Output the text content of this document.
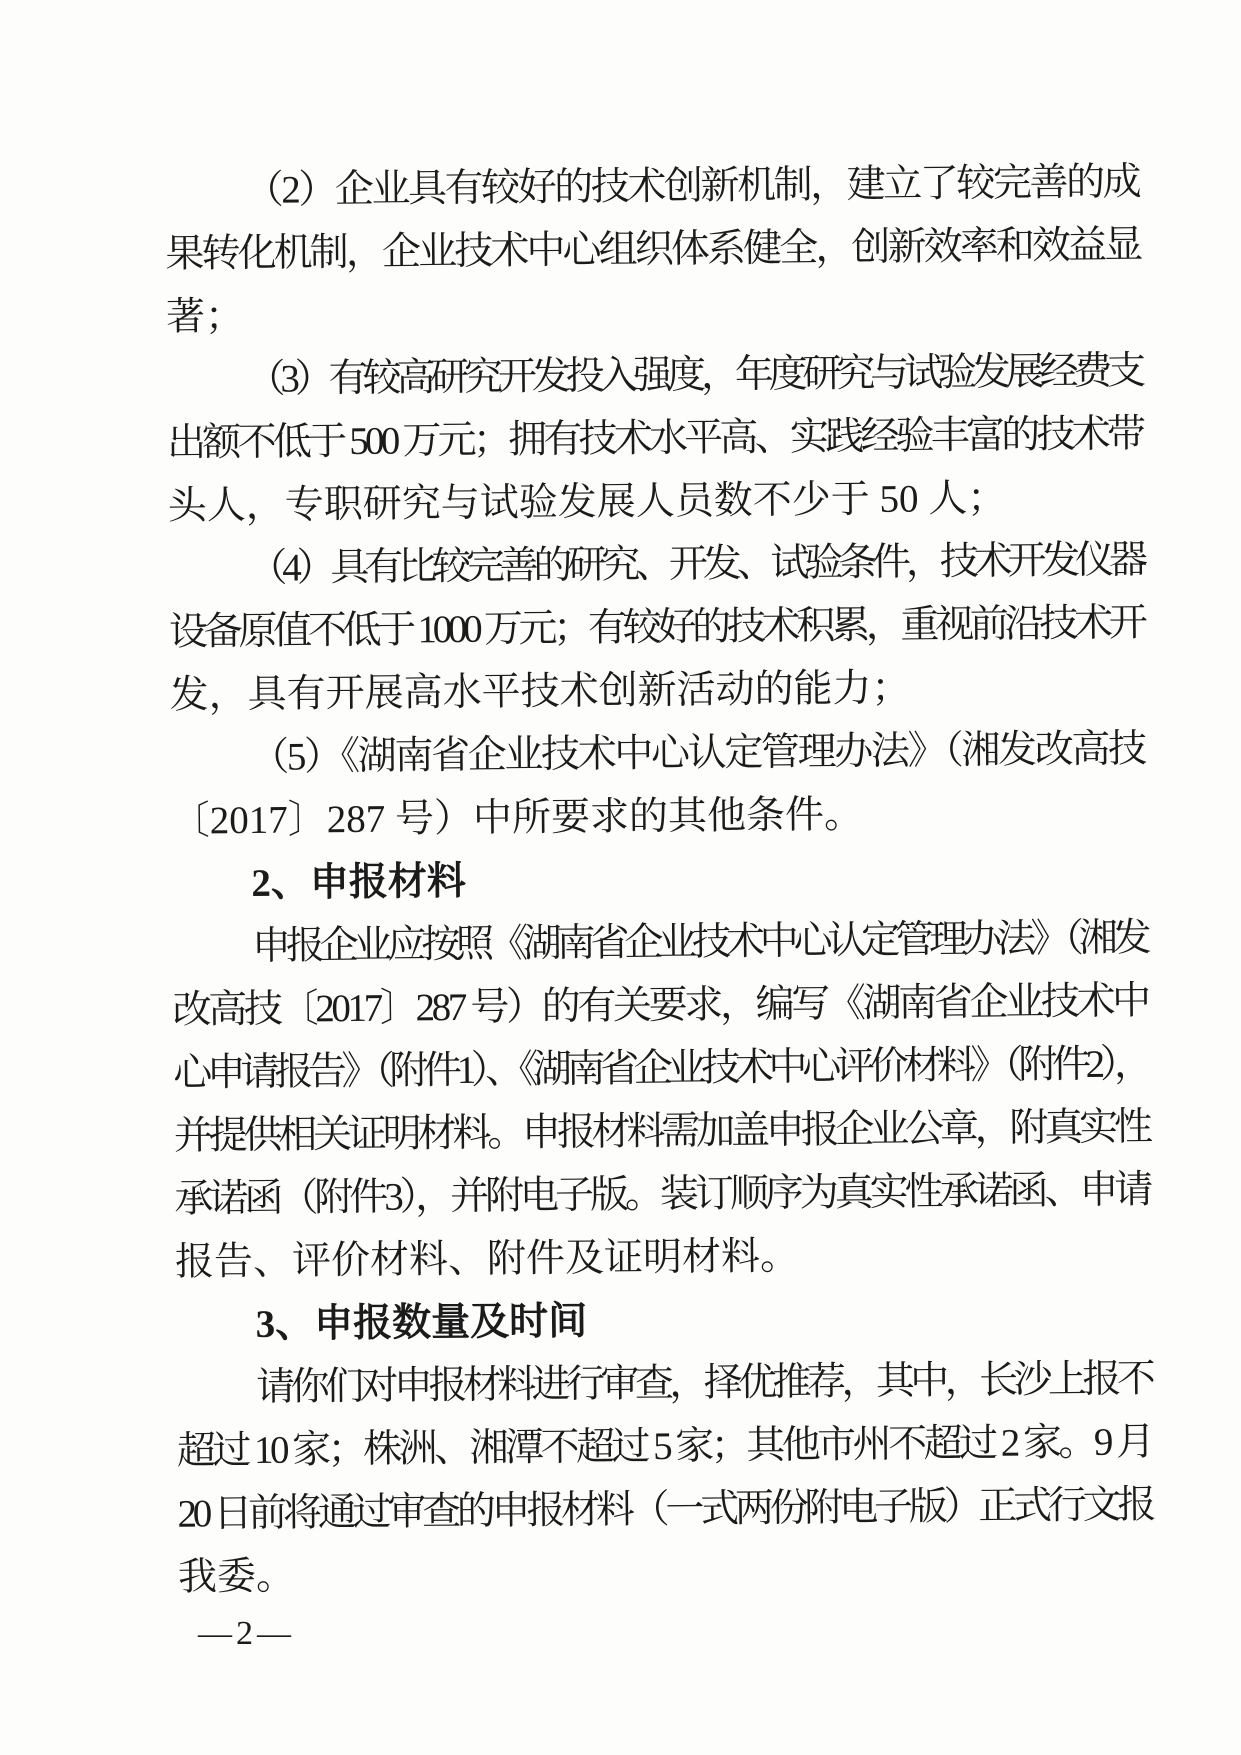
（2）企业具有较好的技术创新机制，建立了较完善的成
果转化机制，企业技术中心组织体系健全，创新效率和效益显
著；
（3）有较高研究开发投入强度，年度研究与试验发展经费支
出额不低于 500 万元；拥有技术水平高、实践经验丰富的技术带
头人，专职研究与试验发展人员数不少于 50 人；
（4）具有比较完善的研究、开发、试验条件，技术开发仪器
设备原值不低于 1000 万元；有较好的技术积累，重视前沿技术开
发，具有开展高水平技术创新活动的能力；
（5）《湖南省企业技术中心认定管理办法》（湘发改高技
〔2017〕287 号）中所要求的其他条件。
2、申报材料
申报企业应按照《湖南省企业技术中心认定管理办法》（湘发
改高技〔2017〕287 号）的有关要求，编写《湖南省企业技术中
心申请报告》（附件1）、《湖南省企业技术中心评价材料》（附件2），
并提供相关证明材料。申报材料需加盖申报企业公章，附真实性
承诺函（附件3），并附电子版。装订顺序为真实性承诺函、申请
报告、评价材料、附件及证明材料。
3、申报数量及时间
请你们对申报材料进行审查，择优推荐，其中，长沙上报不
超过 10 家；株洲、湘潭不超过 5 家；其他市州不超过 2 家。9 月
20 日前将通过审查的申报材料（一式两份附电子版）正式行文报
我委。
—2—
